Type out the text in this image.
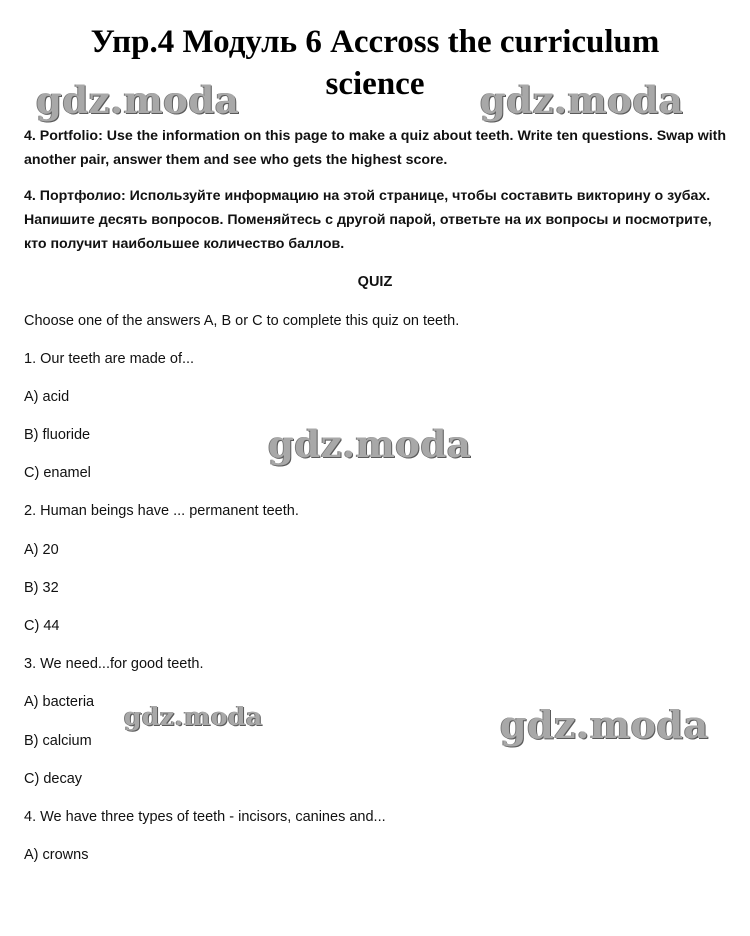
Упр.4 Модуль 6 Accross the curriculum
science
gdz.moda	gdz.moda
4. Portfolio: Use the information on this page to make a quiz about teeth. Write ten questions. Swap with another pair, answer them and see who gets the highest score.
4. Портфолио: Используйте информацию на этой странице, чтобы составить викторину о зубах. Напишите десять вопросов. Поменяйтесь с другой парой, ответьте на их вопросы и посмотрите, кто получит наибольшее количество баллов.
QUIZ
Choose one of the answers A, B or C to complete this quiz on teeth.
1. Our teeth are made of...
A) acid
B) fluoride
C) enamel
2. Human beings have ... permanent teeth.
A) 20
B) 32
C) 44
3. We need...for good teeth.
A) bacteria
B) calcium
C) decay
4. We have three types of teeth - incisors, canines and...
A) crowns
gdz.moda
gdz.moda	gdz.moda
